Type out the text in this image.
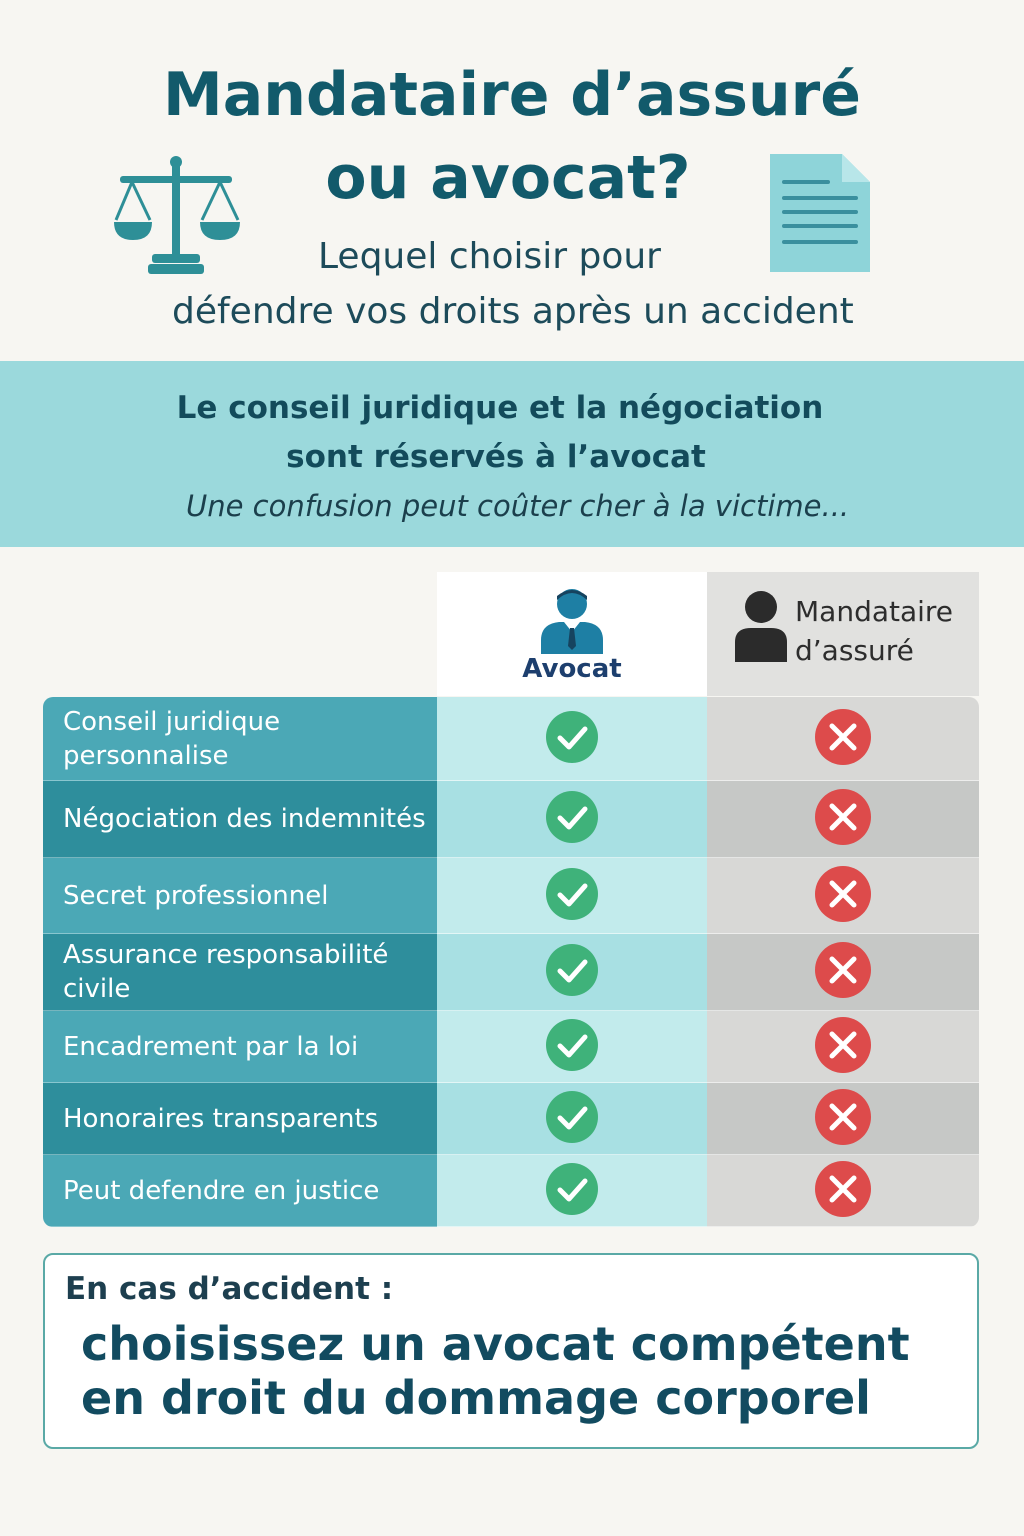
Mandataire d’assuré
ou avocat?
Lequel choisir pour
défendre vos droits après un accident
Le conseil juridique et la négociation
sont réservés à l’avocat
Une confusion peut coûter cher à la victime...
Avocat
Mandataire
d’assuré
Conseil juridique personnalise
Négociation des indemnités
Secret professionnel
Assurance responsabilité civile
Encadrement par la loi
Honoraires transparents
Peut defendre en justice
En cas d’accident :
choisissez un avocat compétent
en droit du dommage corporel
